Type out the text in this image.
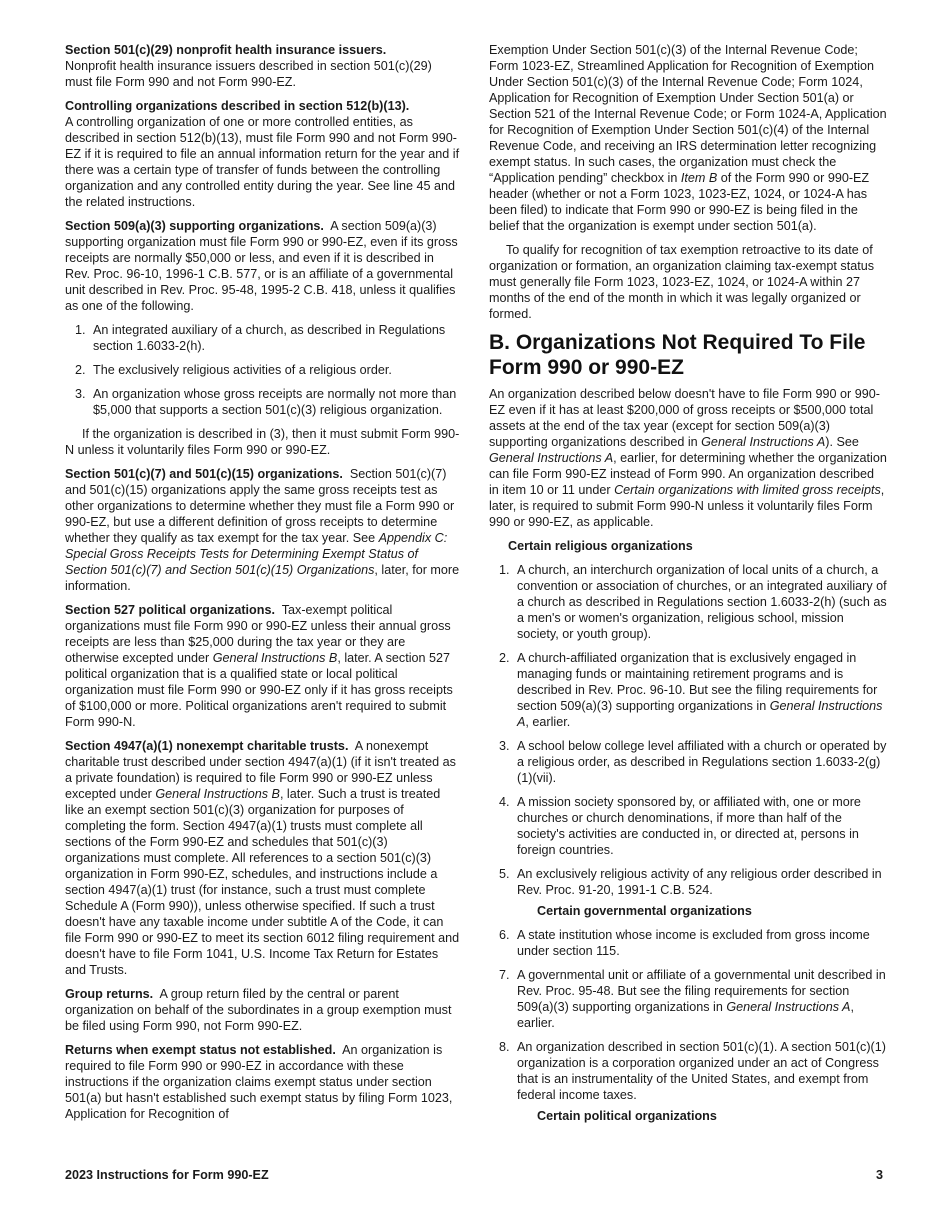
Section 501(c)(29) nonprofit health insurance issuers.
Nonprofit health insurance issuers described in section 501(c)(29) must file Form 990 and not Form 990-EZ.

Controlling organizations described in section 512(b)(13).
A controlling organization of one or more controlled entities, as described in section 512(b)(13), must file Form 990 and not Form 990-EZ if it is required to file an annual information return for the year and if there was a certain type of transfer of funds between the controlling organization and any controlled entity during the year. See line 45 and the related instructions.

Section 509(a)(3) supporting organizations. A section 509(a)(3) supporting organization must file Form 990 or 990-EZ, even if its gross receipts are normally $50,000 or less, and even if it is described in Rev. Proc. 96-10, 1996-1 C.B. 577, or is an affiliate of a governmental unit described in Rev. Proc. 95-48, 1995-2 C.B. 418, unless it qualifies as one of the following.

1. An integrated auxiliary of a church, as described in Regulations section 1.6033-2(h).
2. The exclusively religious activities of a religious order.
3. An organization whose gross receipts are normally not more than $5,000 that supports a section 501(c)(3) religious organization.

If the organization is described in (3), then it must submit Form 990-N unless it voluntarily files Form 990 or 990-EZ.

Section 501(c)(7) and 501(c)(15) organizations. Section 501(c)(7) and 501(c)(15) organizations apply the same gross receipts test as other organizations to determine whether they must file a Form 990 or 990-EZ, but use a different definition of gross receipts to determine whether they qualify as tax exempt for the tax year. See Appendix C: Special Gross Receipts Tests for Determining Exempt Status of Section 501(c)(7) and Section 501(c)(15) Organizations, later, for more information.

Section 527 political organizations. Tax-exempt political organizations must file Form 990 or 990-EZ unless their annual gross receipts are less than $25,000 during the tax year or they are otherwise excepted under General Instructions B, later. A section 527 political organization that is a qualified state or local political organization must file Form 990 or 990-EZ only if it has gross receipts of $100,000 or more. Political organizations aren't required to submit Form 990-N.

Section 4947(a)(1) nonexempt charitable trusts. A nonexempt charitable trust described under section 4947(a)(1) (if it isn't treated as a private foundation) is required to file Form 990 or 990-EZ unless excepted under General Instructions B, later. Such a trust is treated like an exempt section 501(c)(3) organization for purposes of completing the form. Section 4947(a)(1) trusts must complete all sections of the Form 990-EZ and schedules that 501(c)(3) organizations must complete. All references to a section 501(c)(3) organization in Form 990-EZ, schedules, and instructions include a section 4947(a)(1) trust (for instance, such a trust must complete Schedule A (Form 990)), unless otherwise specified. If such a trust doesn't have any taxable income under subtitle A of the Code, it can file Form 990 or 990-EZ to meet its section 6012 filing requirement and doesn't have to file Form 1041, U.S. Income Tax Return for Estates and Trusts.

Group returns. A group return filed by the central or parent organization on behalf of the subordinates in a group exemption must be filed using Form 990, not Form 990-EZ.

Returns when exempt status not established. An organization is required to file Form 990 or 990-EZ in accordance with these instructions if the organization claims exempt status under section 501(a) but hasn't established such exempt status by filing Form 1023, Application for Recognition of

Exemption Under Section 501(c)(3) of the Internal Revenue Code; Form 1023-EZ, Streamlined Application for Recognition of Exemption Under Section 501(c)(3) of the Internal Revenue Code; Form 1024, Application for Recognition of Exemption Under Section 501(a) or Section 521 of the Internal Revenue Code; or Form 1024-A, Application for Recognition of Exemption Under Section 501(c)(4) of the Internal Revenue Code, and receiving an IRS determination letter recognizing exempt status. In such cases, the organization must check the “Application pending” checkbox in Item B of the Form 990 or 990-EZ header (whether or not a Form 1023, 1023-EZ, 1024, or 1024-A has been filed) to indicate that Form 990 or 990-EZ is being filed in the belief that the organization is exempt under section 501(a).

To qualify for recognition of tax exemption retroactive to its date of organization or formation, an organization claiming tax-exempt status must generally file Form 1023, 1023-EZ, 1024, or 1024-A within 27 months of the end of the month in which it was legally organized or formed.

B. Organizations Not Required To File Form 990 or 990-EZ

An organization described below doesn't have to file Form 990 or 990-EZ even if it has at least $200,000 of gross receipts or $500,000 total assets at the end of the tax year (except for section 509(a)(3) supporting organizations described in General Instructions A). See General Instructions A, earlier, for determining whether the organization can file Form 990-EZ instead of Form 990. An organization described in item 10 or 11 under Certain organizations with limited gross receipts, later, is required to submit Form 990-N unless it voluntarily files Form 990 or 990-EZ, as applicable.

Certain religious organizations
1. A church, an interchurch organization of local units of a church, a convention or association of churches, or an integrated auxiliary of a church as described in Regulations section 1.6033-2(h) (such as a men's or women's organization, religious school, mission society, or youth group).
2. A church-affiliated organization that is exclusively engaged in managing funds or maintaining retirement programs and is described in Rev. Proc. 96-10. But see the filing requirements for section 509(a)(3) supporting organizations in General Instructions A, earlier.
3. A school below college level affiliated with a church or operated by a religious order, as described in Regulations section 1.6033-2(g)(1)(vii).
4. A mission society sponsored by, or affiliated with, one or more churches or church denominations, if more than half of the society's activities are conducted in, or directed at, persons in foreign countries.
5. An exclusively religious activity of any religious order described in Rev. Proc. 91-20, 1991-1 C.B. 524.
Certain governmental organizations
6. A state institution whose income is excluded from gross income under section 115.
7. A governmental unit or affiliate of a governmental unit described in Rev. Proc. 95-48. But see the filing requirements for section 509(a)(3) supporting organizations in General Instructions A, earlier.
8. An organization described in section 501(c)(1). A section 501(c)(1) organization is a corporation organized under an act of Congress that is an instrumentality of the United States, and exempt from federal income taxes.
Certain political organizations
2023 Instructions for Form 990-EZ	3
